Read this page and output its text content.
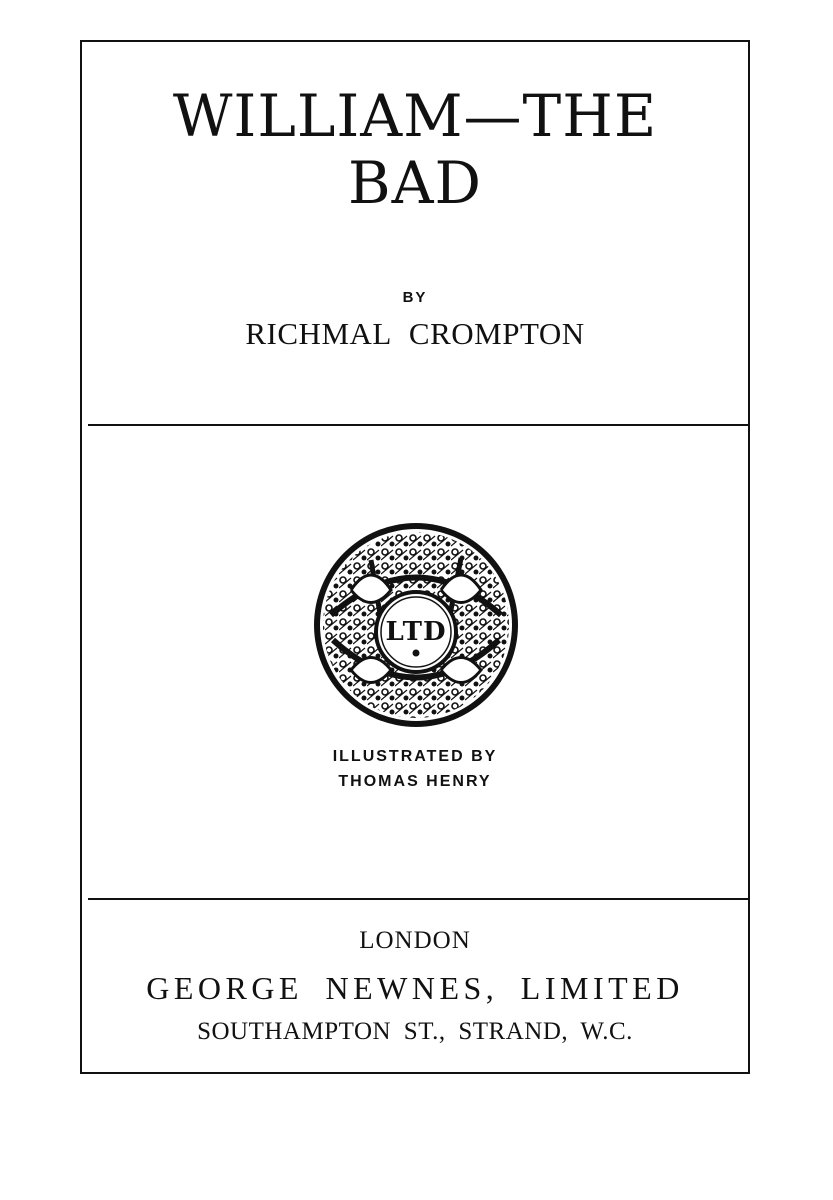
WILLIAM—THE
BAD
BY
RICHMAL CROMPTON
LTD
ILLUSTRATED BY
THOMAS HENRY
LONDON
GEORGE NEWNES, LIMITED
SOUTHAMPTON ST., STRAND, W.C.
